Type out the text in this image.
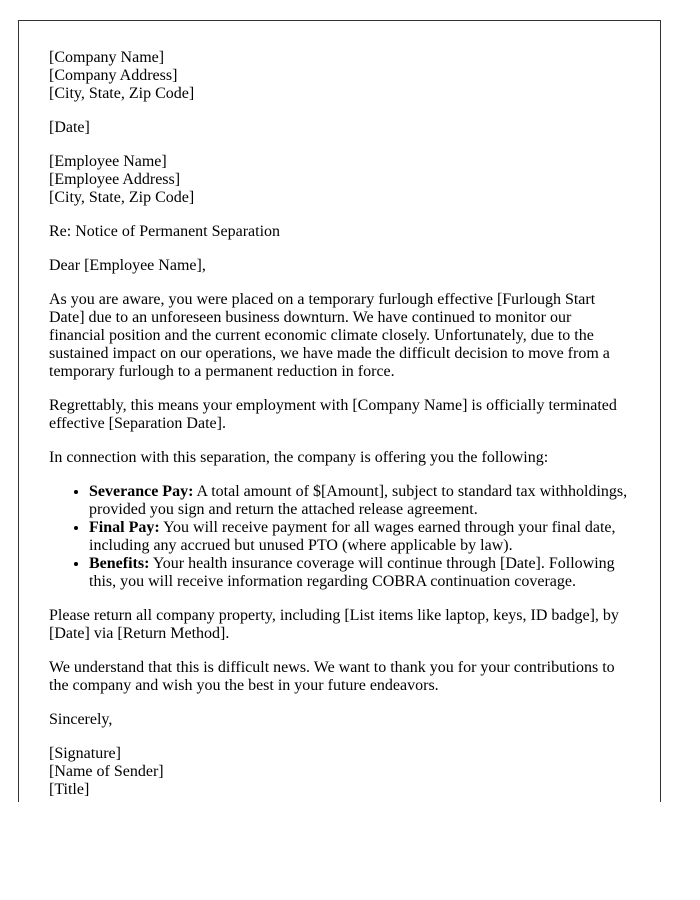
[Company Name]
[Company Address]
[City, State, Zip Code]

[Date]

[Employee Name]
[Employee Address]
[City, State, Zip Code]

Re: Notice of Permanent Separation

Dear [Employee Name],

As you are aware, you were placed on a temporary furlough effective [Furlough Start Date] due to an unforeseen business downturn. We have continued to monitor our financial position and the current economic climate closely. Unfortunately, due to the sustained impact on our operations, we have made the difficult decision to move from a temporary furlough to a permanent reduction in force.

Regrettably, this means your employment with [Company Name] is officially terminated effective [Separation Date].

In connection with this separation, the company is offering you the following:

• Severance Pay: A total amount of $[Amount], subject to standard tax withholdings, provided you sign and return the attached release agreement.
• Final Pay: You will receive payment for all wages earned through your final date, including any accrued but unused PTO (where applicable by law).
• Benefits: Your health insurance coverage will continue through [Date]. Following this, you will receive information regarding COBRA continuation coverage.

Please return all company property, including [List items like laptop, keys, ID badge], by [Date] via [Return Method].

We understand that this is difficult news. We want to thank you for your contributions to the company and wish you the best in your future endeavors.

Sincerely,

[Signature]
[Name of Sender]
[Title]
